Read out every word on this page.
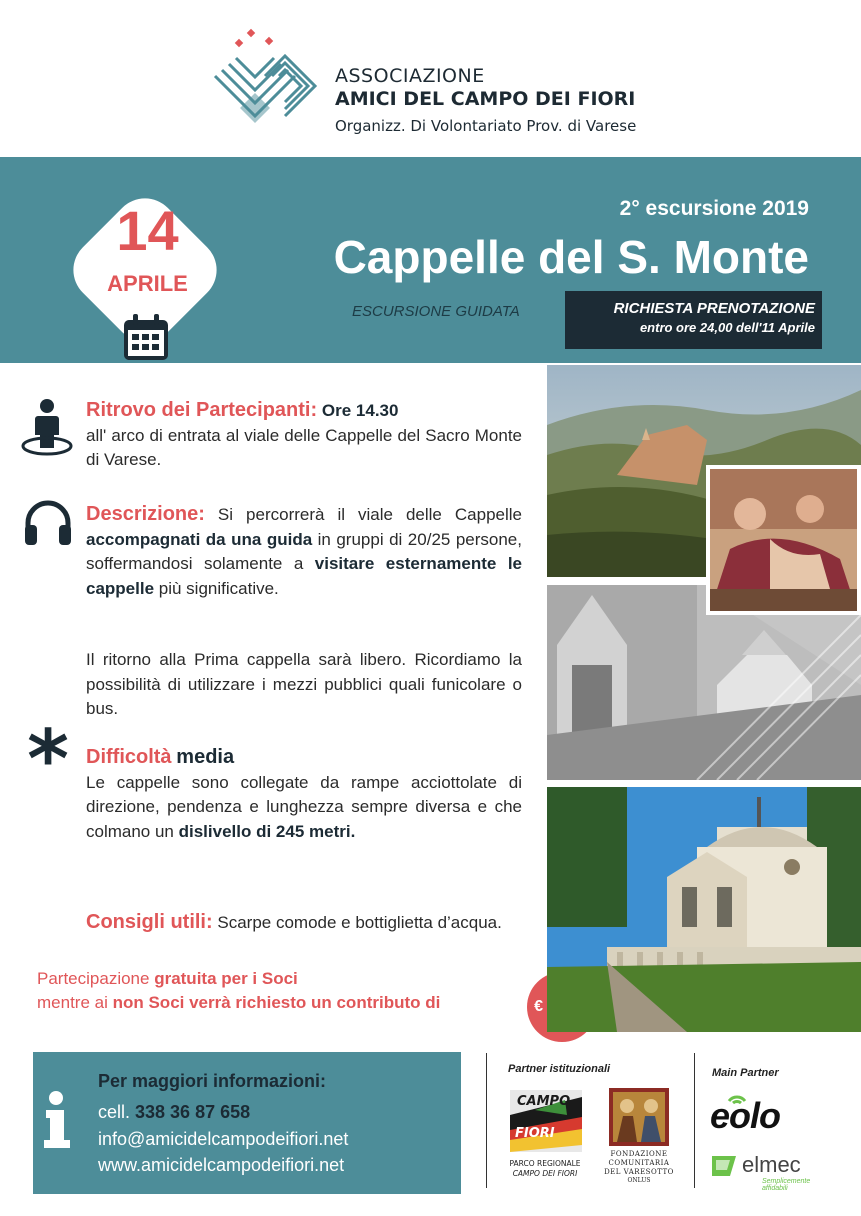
ASSOCIAZIONE
AMICI DEL CAMPO DEI FIORI
Organizz. Di Volontariato Prov. di Varese
14
APRILE
2° escursione 2019
Cappelle del S. Monte
ESCURSIONE GUIDATA	RICHIESTA PRENOTAZIONE
entro ore 24,00 dell'11 Aprile
*
Ritrovo dei Partecipanti: Ore 14.30
all' arco di entrata al viale delle Cappelle del Sacro Monte di Varese.
Descrizione: Si percorrerà il viale delle Cappelle accompagnati da una guida in gruppi di 20/25 persone, soffermandosi solamente a visitare esternamente le cappelle più significative.
Il ritorno alla Prima cappella sarà libero. Ricordiamo la possibilità di utilizzare i mezzi pubblici quali funicolare o bus.
Difficoltà media
Le cappelle sono collegate da rampe acciottolate di direzione, pendenza e lunghezza sempre diversa e che colmano un dislivello di 245 metri.
Consigli utili: Scarpe comode e bottiglietta d’acqua.
Partecipazione gratuita per i Soci
mentre ai non Soci verrà richiesto un contributo di	€
Per maggiori informazioni:
cell. 338 36 87 658
info@amicidelcampodeifiori.net
www.amicidelcampodeifiori.net
Partner istituzionali	Main Partner
CAMPO
FIORI
PARCO REGIONALE
CAMPO DEI FIORI
FONDAZIONE
COMUNITARIA
DEL VARESOTTO
ONLUS
eolo
elmec
Semplicemente affidabili
